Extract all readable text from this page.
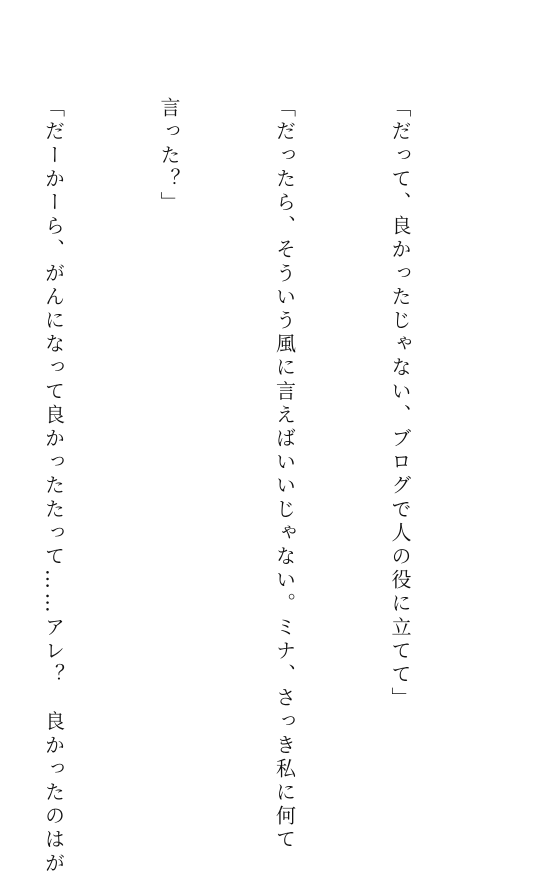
「だって、良かったじゃない、ブログで人の役に立てて」

「だったら、そういう風に言えばいいじゃない。ミナ、さっき私に何て

言った？」

「だーかーら、がんになって良かったたって……アレ？　良かったのはが
